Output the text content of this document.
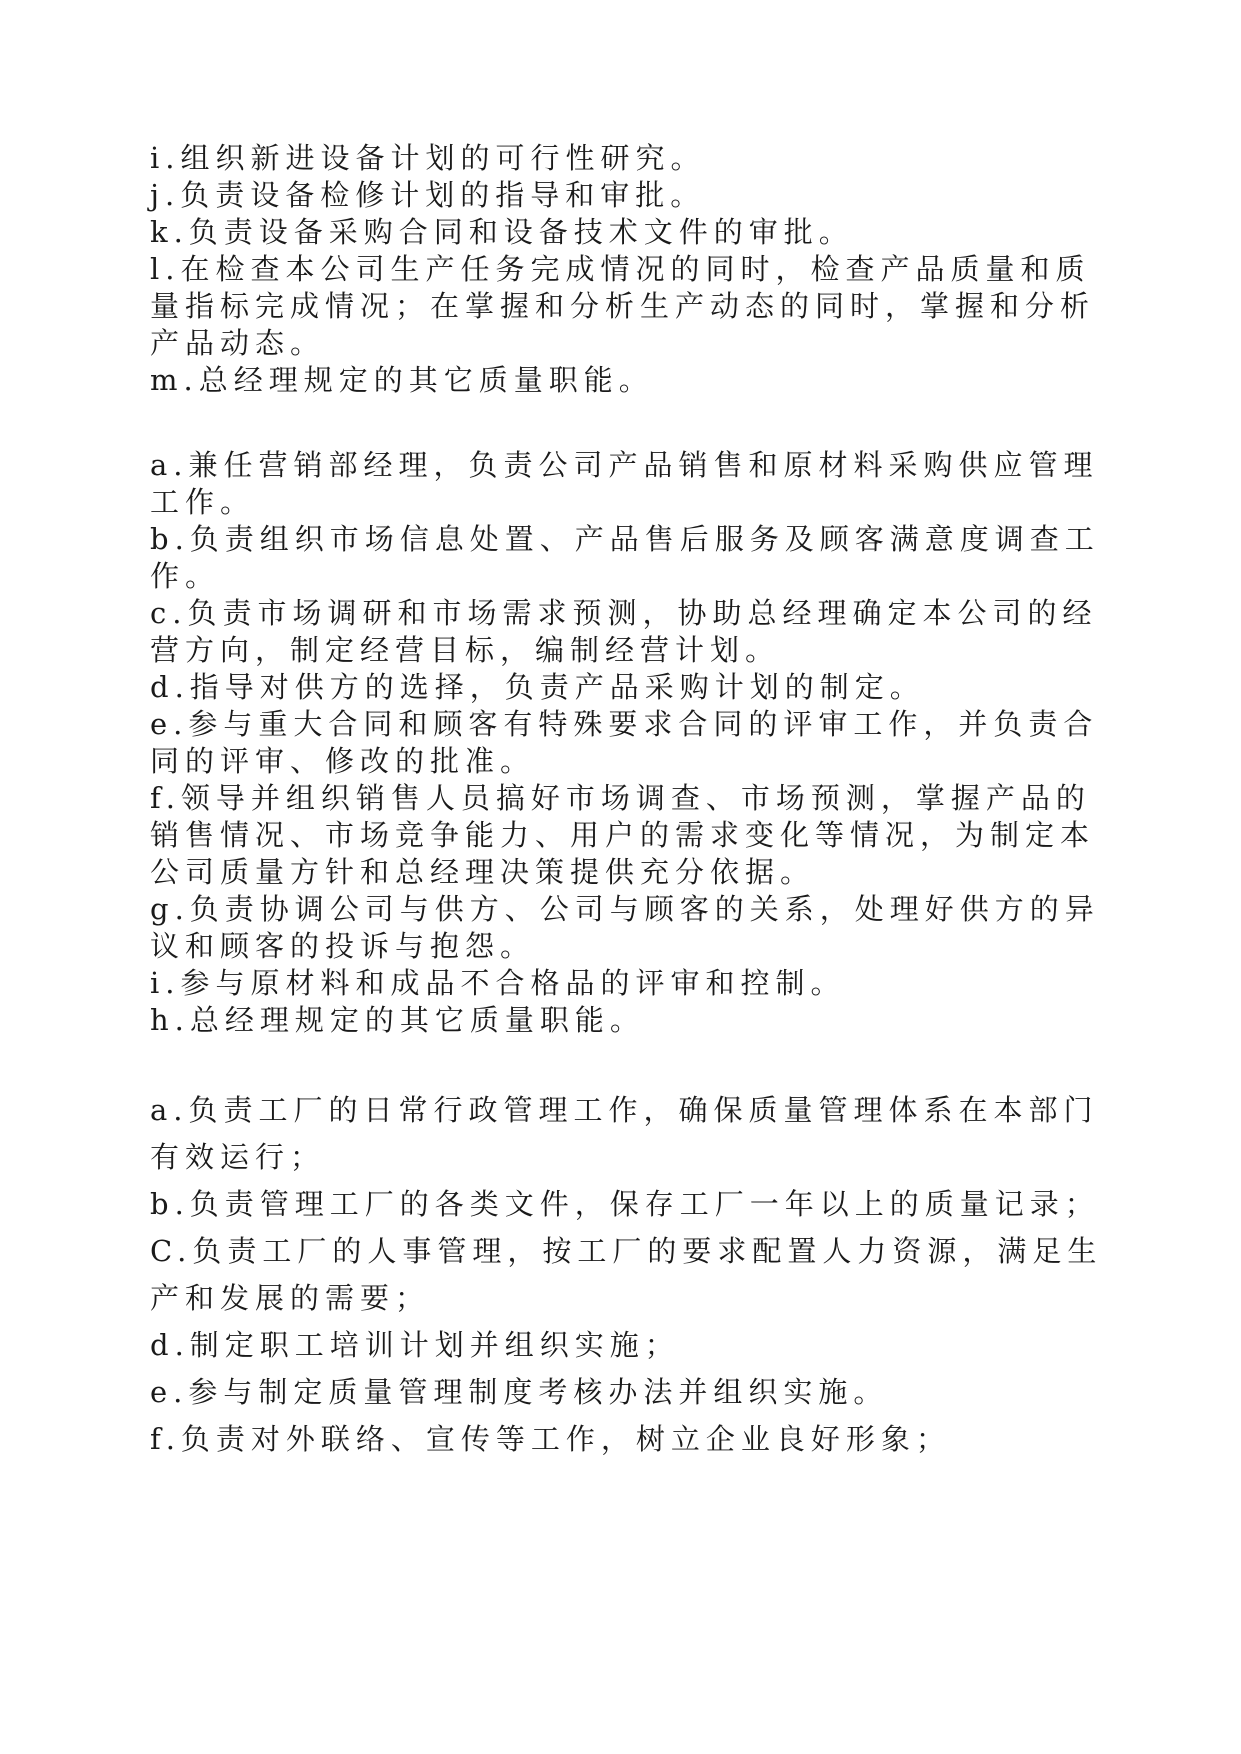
i.组织新进设备计划的可行性研究。

j.负责设备检修计划的指导和审批。

k.负责设备采购合同和设备技术文件的审批。

l.在检查本公司生产任务完成情况的同时，检查产品质量和质量指标完成情况；在掌握和分析生产动态的同时，掌握和分析产品动态。

m.总经理规定的其它质量职能。

a.兼任营销部经理，负责公司产品销售和原材料采购供应管理工作。

b.负责组织市场信息处置、产品售后服务及顾客满意度调查工作。

c.负责市场调研和市场需求预测，协助总经理确定本公司的经营方向，制定经营目标，编制经营计划。

d.指导对供方的选择，负责产品采购计划的制定。

e.参与重大合同和顾客有特殊要求合同的评审工作，并负责合同的评审、修改的批准。

f.领导并组织销售人员搞好市场调查、市场预测，掌握产品的销售情况、市场竞争能力、用户的需求变化等情况，为制定本公司质量方针和总经理决策提供充分依据。

g.负责协调公司与供方、公司与顾客的关系，处理好供方的异议和顾客的投诉与抱怨。

i.参与原材料和成品不合格品的评审和控制。

h.总经理规定的其它质量职能。

a.负责工厂的日常行政管理工作，确保质量管理体系在本部门有效运行；

b.负责管理工厂的各类文件，保存工厂一年以上的质量记录；

C.负责工厂的人事管理，按工厂的要求配置人力资源，满足生产和发展的需要；

d.制定职工培训计划并组织实施；

e.参与制定质量管理制度考核办法并组织实施。

f.负责对外联络、宣传等工作，树立企业良好形象；
